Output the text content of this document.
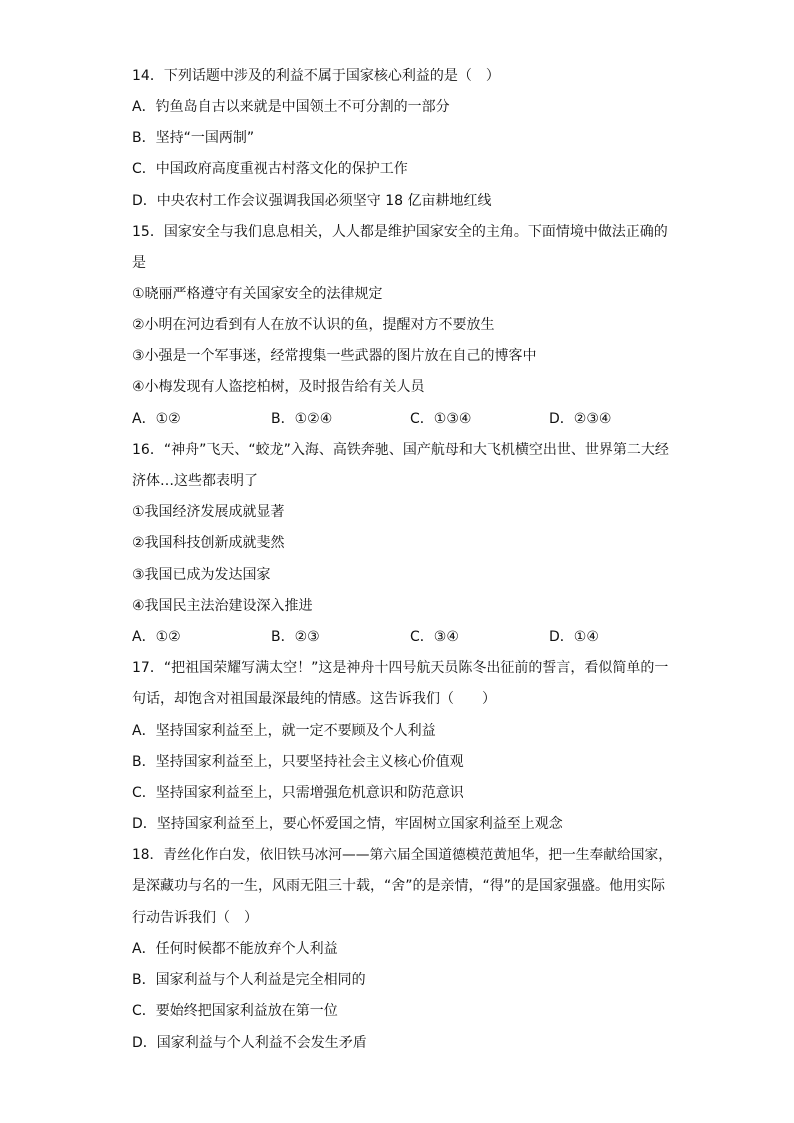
14．下列话题中涉及的利益不属于国家核心利益的是（　）
A．钓鱼岛自古以来就是中国领土不可分割的一部分
B．坚持“一国两制”
C．中国政府高度重视古村落文化的保护工作
D．中央农村工作会议强调我国必须坚守 18 亿亩耕地红线
15．国家安全与我们息息相关，人人都是维护国家安全的主角。下面情境中做法正确的
是
①晓丽严格遵守有关国家安全的法律规定
②小明在河边看到有人在放不认识的鱼，提醒对方不要放生
③小强是一个军事迷，经常搜集一些武器的图片放在自己的博客中
④小梅发现有人盗挖柏树，及时报告给有关人员
A．①②	B．①②④	C．①③④	D．②③④
16．“神舟”飞天、“蛟龙”入海、高铁奔驰、国产航母和大飞机横空出世、世界第二大经
济体…这些都表明了
①我国经济发展成就显著
②我国科技创新成就斐然
③我国已成为发达国家
④我国民主法治建设深入推进
A．①②	B．②③	C．③④	D．①④
17．“把祖国荣耀写满太空！”这是神舟十四号航天员陈冬出征前的誓言，看似简单的一
句话，却饱含对祖国最深最纯的情感。这告诉我们（　　）
A．坚持国家利益至上，就一定不要顾及个人利益
B．坚持国家利益至上，只要坚持社会主义核心价值观
C．坚持国家利益至上，只需增强危机意识和防范意识
D．坚持国家利益至上，要心怀爱国之情，牢固树立国家利益至上观念
18．青丝化作白发，依旧铁马冰河——第六届全国道德模范黄旭华，把一生奉献给国家，
是深藏功与名的一生，风雨无阻三十载，“舍”的是亲情，“得”的是国家强盛。他用实际
行动告诉我们（　）
A．任何时候都不能放弃个人利益
B．国家利益与个人利益是完全相同的
C．要始终把国家利益放在第一位
D．国家利益与个人利益不会发生矛盾
